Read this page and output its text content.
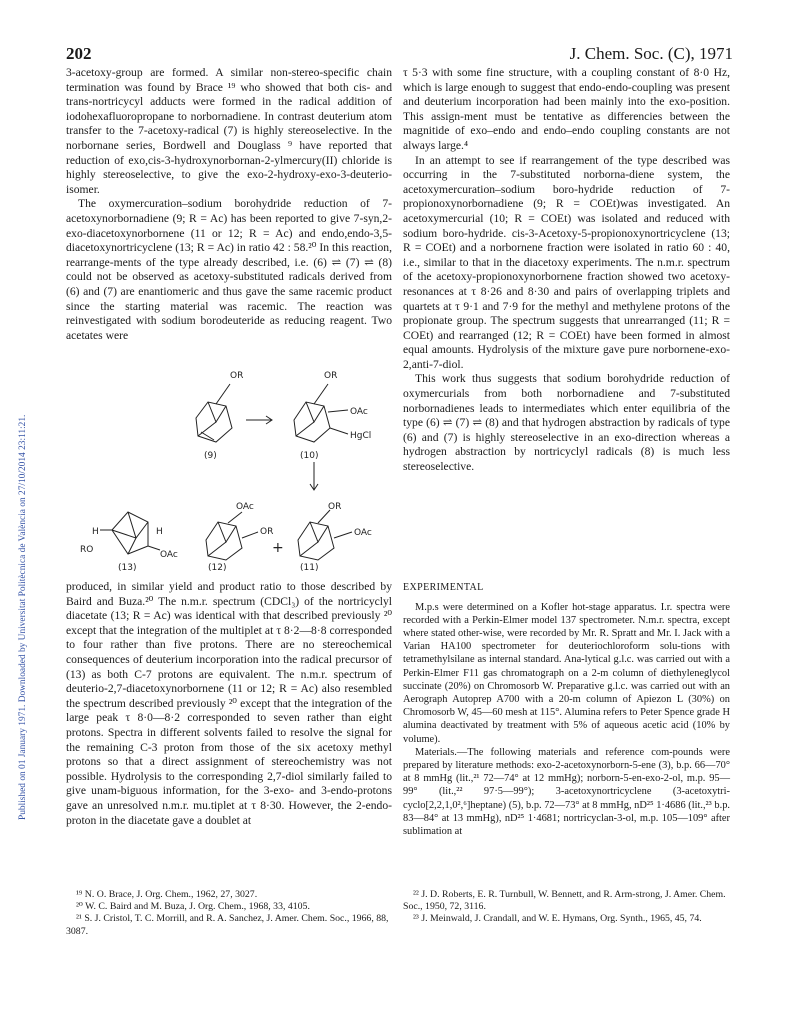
202	J. Chem. Soc. (C), 1971
Published on 01 January 1971. Downloaded by Universitat Politècnica de València on 27/10/2014 23:11:21.

3-acetoxy-group are formed. A similar non-stereo-specific chain termination was found by Brace ¹⁹ who showed that both cis- and trans-nortricycyl adducts were formed in the radical addition of iodohexafluoropropane to norbornadiene. In contrast deuterium atom transfer to the 7-acetoxy-radical (7) is highly stereoselective. In the norbornane series, Bordwell and Douglass ⁹ have reported that reduction of exo,cis-3-hydroxynorbornan-2-ylmercury(II) chloride is highly stereoselective, to give the exo-2-hydroxy-exo-3-deuterio-isomer.

The oxymercuration–sodium borohydride reduction of 7-acetoxynorbornadiene (9; R = Ac) has been reported to give 7-syn,2-exo-diacetoxynorbornene (11 or 12; R = Ac) and endo,endo-3,5-diacetoxynortricyclene (13; R = Ac) in ratio 42 : 58.²⁰ In this reaction, rearrange-ments of the type already described, i.e. (6) ⇌ (7) ⇌ (8) could not be observed as acetoxy-substituted radicals derived from (6) and (7) are enantiomeric and thus gave the same racemic product since the starting material was racemic. The reaction was reinvestigated with sodium borodeuteride as reducing reagent. Two acetates were

OR	OR
OAc
HgCl
(9)	(10)
OAc	OR
H	H
RO	OAc
OR	OAc
+
(13)	(12)	(11)

produced, in similar yield and product ratio to those described by Baird and Buza.²⁰ The n.m.r. spectrum (CDCl₃) of the nortricyclyl diacetate (13; R = Ac) was identical with that described previously ²⁰ except that the integration of the multiplet at τ 8·2—8·8 corresponded to four rather than five protons. There are no stereochemical consequences of deuterium incorporation into the radical precursor of (13) as both C-7 protons are equivalent. The n.m.r. spectrum of deuterio-2,7-diacetoxynorbornene (11 or 12; R = Ac) also resembled the spectrum described previously ²⁰ except that the integration of the large peak τ 8·0—8·2 corresponded to seven rather than eight protons. Spectra in different solvents failed to resolve the signal for the remaining C-3 proton from those of the six acetoxy methyl protons so that a direct assignment of stereochemistry was not possible. Hydrolysis to the corresponding 2,7-diol similarly failed to give unam-biguous information, for the 3-exo- and 3-endo-protons gave an unresolved n.m.r. mu.tiplet at τ 8·30. However, the 2-endo-proton in the diacetate gave a doublet at

τ 5·3 with some fine structure, with a coupling constant of 8·0 Hz, which is large enough to suggest that endo-endo-coupling was present and deuterium incorporation had been mainly into the exo-position. This assign-ment must be tentative as differencies between the magnitide of exo–endo and endo–endo coupling constants are not always large.⁴

In an attempt to see if rearrangement of the type described was occurring in the 7-substituted norborna-diene system, the acetoxymercuration–sodium boro-hydride reduction of 7-propionoxynorbornadiene (9; R = COEt)was investigated. An acetoxymercurial (10; R = COEt) was isolated and reduced with sodium boro-hydride. cis-3-Acetoxy-5-propionoxynortricyclene (13; R = COEt) and a norbornene fraction were isolated in ratio 60 : 40, i.e., similar to that in the diacetoxy experiments. The n.m.r. spectrum of the acetoxy-propionoxynorbornene fraction showed two acetoxy-resonances at τ 8·26 and 8·30 and pairs of overlapping triplets and quartets at τ 9·1 and 7·9 for the methyl and methylene protons of the propionate group. The spectrum suggests that unrearranged (11; R = COEt) and rearranged (12; R = COEt) have been formed in almost equal amounts. Hydrolysis of the mixture gave pure norbornene-exo-2,anti-7-diol.

This work thus suggests that sodium borohydride reduction of oxymercurials from both norbornadiene and 7-substituted norbornadienes leads to intermediates which enter equilibria of the type (6) ⇌ (7) ⇌ (8) and that hydrogen abstraction by radicals of type (6) and (7) is highly stereoselective in an exo-direction whereas a hydrogen abstraction by nortricyclyl radicals (8) is much less stereoselective.

EXPERIMENTAL

M.p.s were determined on a Kofler hot-stage apparatus. I.r. spectra were recorded with a Perkin-Elmer model 137 spectrometer. N.m.r. spectra, except where stated other-wise, were recorded by Mr. R. Spratt and Mr. I. Jack with a Varian HA100 spectrometer for deuteriochloroform solu-tions with tetramethylsilane as internal standard. Ana-lytical g.l.c. was carried out with a Perkin-Elmer F11 gas chromatograph on a 2-m column of diethyleneglycol succinate (20%) on Chromosorb W. Preparative g.l.c. was carried out with an Aerograph Autoprep A700 with a 20-m column of Apiezon L (30%) on Chromosorb W, 45—60 mesh at 115°. Alumina refers to Peter Spence grade H alumina deactivated by treatment with 5% of aqueous acetic acid (10% by volume).

Materials.—The following materials and reference com-pounds were prepared by literature methods: exo-2-acetoxynorborn-5-ene (3), b.p. 66—70° at 8 mmHg (lit.,²¹ 72—74° at 12 mmHg); norborn-5-en-exo-2-ol, m.p. 95—99° (lit.,²² 97·5—99°); 3-acetoxynortricyclene (3-acetoxytri-cyclo[2,2,1,0²,⁶]heptane) (5), b.p. 72—73° at 8 mmHg, nD²⁵ 1·4686 (lit.,²³ b.p. 83—84° at 13 mmHg), nD²⁵ 1·4681; nortricyclan-3-ol, m.p. 105—109° after sublimation at

¹⁹ N. O. Brace, J. Org. Chem., 1962, 27, 3027.

²⁰ W. C. Baird and M. Buza, J. Org. Chem., 1968, 33, 4105.

²¹ S. J. Cristol, T. C. Morrill, and R. A. Sanchez, J. Amer. Chem. Soc., 1966, 88, 3087.

²² J. D. Roberts, E. R. Turnbull, W. Bennett, and R. Arm-strong, J. Amer. Chem. Soc., 1950, 72, 3116.

²³ J. Meinwald, J. Crandall, and W. E. Hymans, Org. Synth., 1965, 45, 74.
